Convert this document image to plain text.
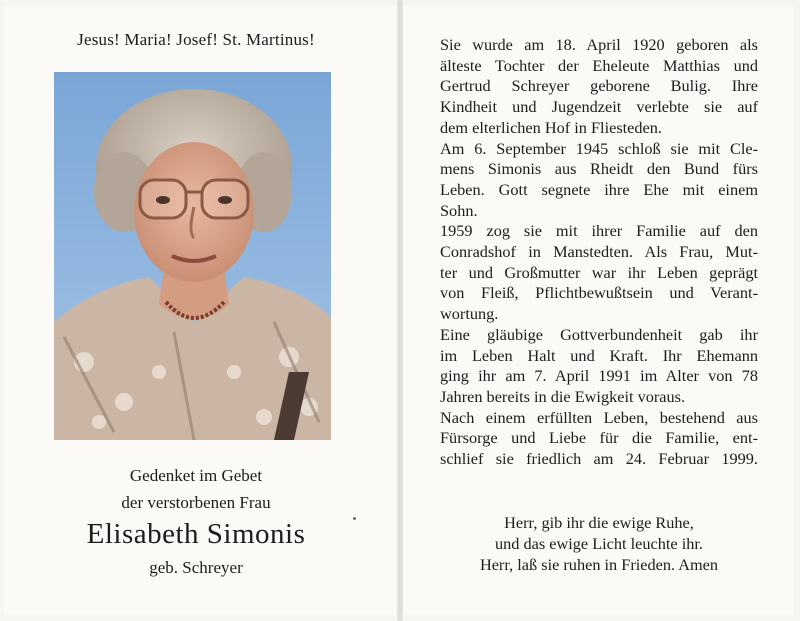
Jesus! Maria! Josef! St. Martinus!
Gedenket im Gebet
der verstorbenen Frau
Elisabeth Simonis
geb. Schreyer
Sie wurde am 18. April 1920 geboren als
älteste Tochter der Eheleute Matthias und
Gertrud Schreyer geborene Bulig. Ihre
Kindheit und Jugendzeit verlebte sie auf
dem elterlichen Hof in Fliesteden.
Am 6. September 1945 schloß sie mit Cle-
mens Simonis aus Rheidt den Bund fürs
Leben. Gott segnete ihre Ehe mit einem
Sohn.
1959 zog sie mit ihrer Familie auf den
Conradshof in Manstedten. Als Frau, Mut-
ter und Großmutter war ihr Leben geprägt
von Fleiß, Pflichtbewußtsein und Verant-
wortung.
Eine gläubige Gottverbundenheit gab ihr
im Leben Halt und Kraft. Ihr Ehemann
ging ihr am 7. April 1991 im Alter von 78
Jahren bereits in die Ewigkeit voraus.
Nach einem erfüllten Leben, bestehend aus
Fürsorge und Liebe für die Familie, ent-
schlief sie friedlich am 24. Februar 1999.
Herr, gib ihr die ewige Ruhe,
und das ewige Licht leuchte ihr.
Herr, laß sie ruhen in Frieden. Amen
